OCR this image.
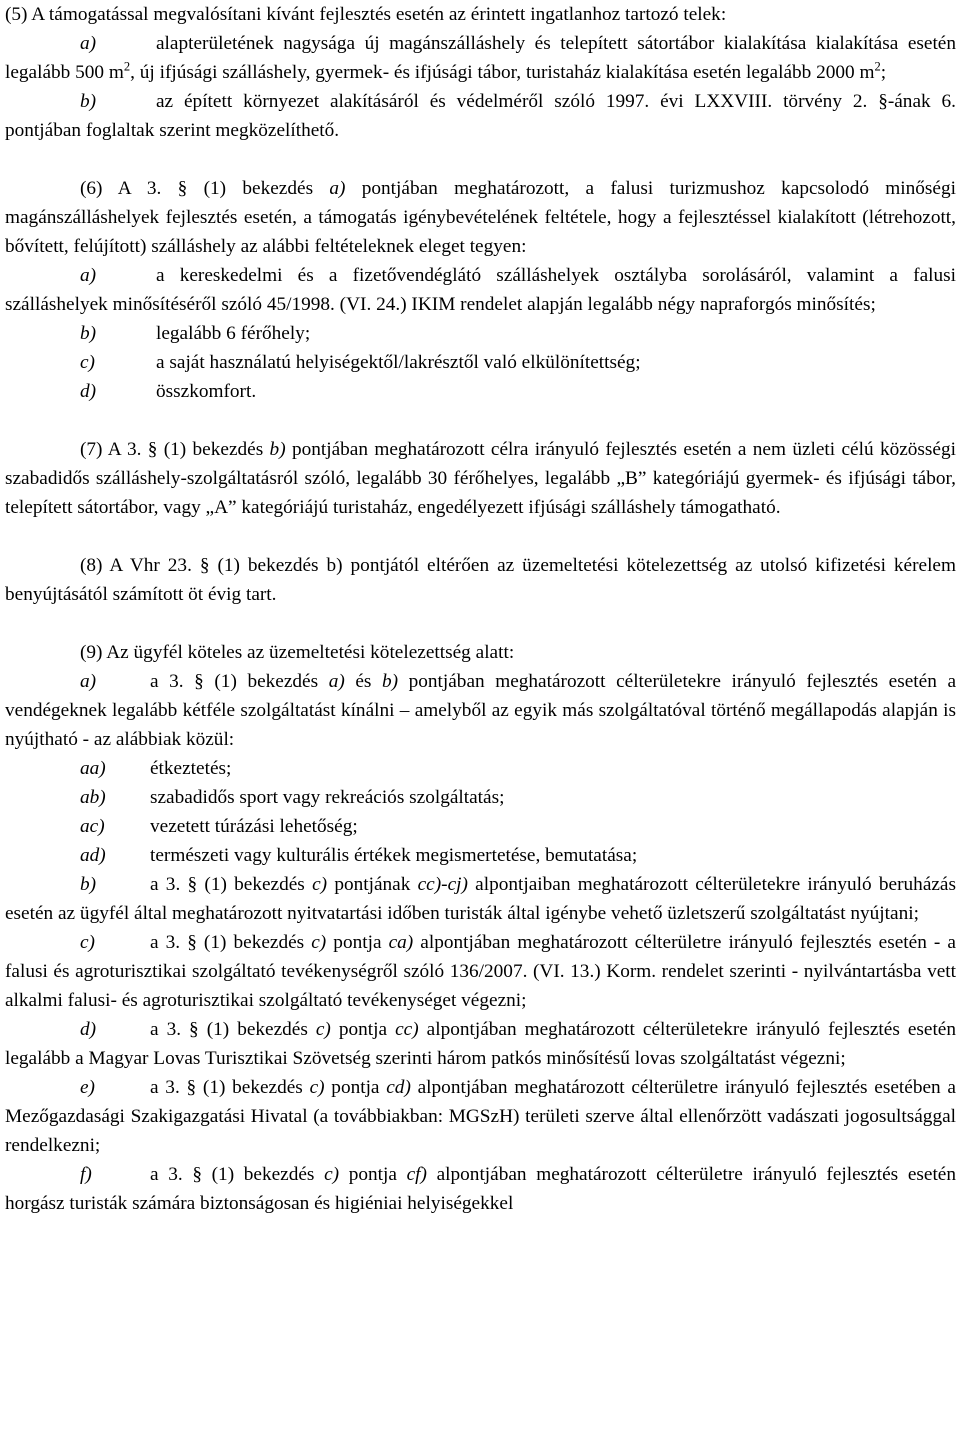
(5) A támogatással megvalósítani kívánt fejlesztés esetén az érintett ingatlanhoz tartozó telek:
a)	alapterületének nagysága új magánszálláshely és telepített sátortábor kialakítása kialakítása esetén legalább 500 $m^2$, új ifjúsági szálláshely, gyermek- és ifjúsági tábor, turistaház kialakítása esetén legalább 2000 $m^2$;
b)	az épített környezet alakításáról és védelméről szóló 1997. évi LXXVIII. törvény 2. §-ának 6. pontjában foglaltak szerint megközelíthető.
(6) A 3. § (1) bekezdés a) pontjában meghatározott, a falusi turizmushoz kapcsolodó minőségi magánszálláshelyek fejlesztés esetén, a támogatás igénybevételének feltétele, hogy a fejlesztéssel kialakított (létrehozott, bővített, felújított) szálláshely az alábbi feltételeknek eleget tegyen:
a)	a kereskedelmi és a fizetővendéglátó szálláshelyek osztályba sorolásáról, valamint a falusi szálláshelyek minősítéséről szóló 45/1998. (VI. 24.) IKIM rendelet alapján legalább négy napraforgós minősítés;
b)	legalább 6 férőhely;
c)	a saját használatú helyiségektől/lakrésztől való elkülönítettség;
d)	összkomfort.
(7) A 3. § (1) bekezdés b) pontjában meghatározott célra irányuló fejlesztés esetén a nem üzleti célú közösségi szabadidős szálláshely-szolgáltatásról szóló, legalább 30 férőhelyes, legalább „B” kategóriájú gyermek- és ifjúsági tábor, telepített sátortábor, vagy „A” kategóriájú turistaház, engedélyezett ifjúsági szálláshely támogatható.
(8) A Vhr 23. § (1) bekezdés b) pontjától eltérően az üzemeltetési kötelezettség az utolsó kifizetési kérelem benyújtásától számított öt évig tart.
(9) Az ügyfél köteles az üzemeltetési kötelezettség alatt:
a)	a 3. § (1) bekezdés a) és b) pontjában meghatározott célterületekre irányuló fejlesztés esetén a vendégeknek legalább kétféle szolgáltatást kínálni – amelyből az egyik más szolgáltatóval történő megállapodás alapján is nyújtható - az alábbiak közül:
aa) étkeztetés;
ab) szabadidős sport vagy rekreációs szolgáltatás;
ac) vezetett túrázási lehetőség;
ad) természeti vagy kulturális értékek megismertetése, bemutatása;
b)	a 3. § (1) bekezdés c) pontjának cc)-cj) alpontjaiban meghatározott célterületekre irányuló beruházás esetén az ügyfél által meghatározott nyitvatartási időben turisták által igénybe vehető üzletszerű szolgáltatást nyújtani;
c)	a 3. § (1) bekezdés c) pontja ca) alpontjában meghatározott célterületre irányuló fejlesztés esetén - a falusi és agroturisztikai szolgáltató tevékenységről szóló 136/2007. (VI. 13.) Korm. rendelet szerinti - nyilvántartásba vett alkalmi falusi- és agroturisztikai szolgáltató tevékenységet végezni;
d)	a 3. § (1) bekezdés c) pontja cc) alpontjában meghatározott célterületekre irányuló fejlesztés esetén legalább a Magyar Lovas Turisztikai Szövetség szerinti három patkós minősítésű lovas szolgáltatást végezni;
e)	a 3. § (1) bekezdés c) pontja cd) alpontjában meghatározott célterületre irányuló fejlesztés esetében a Mezőgazdasági Szakigazgatási Hivatal (a továbbiakban: MGSzH) területi szerve által ellenőrzött vadászati jogosultsággal rendelkezni;
f)	a 3. § (1) bekezdés c) pontja cf) alpontjában meghatározott célterületre irányuló fejlesztés esetén horgász turisták számára biztonságosan és higiéniai helyiségekkel
